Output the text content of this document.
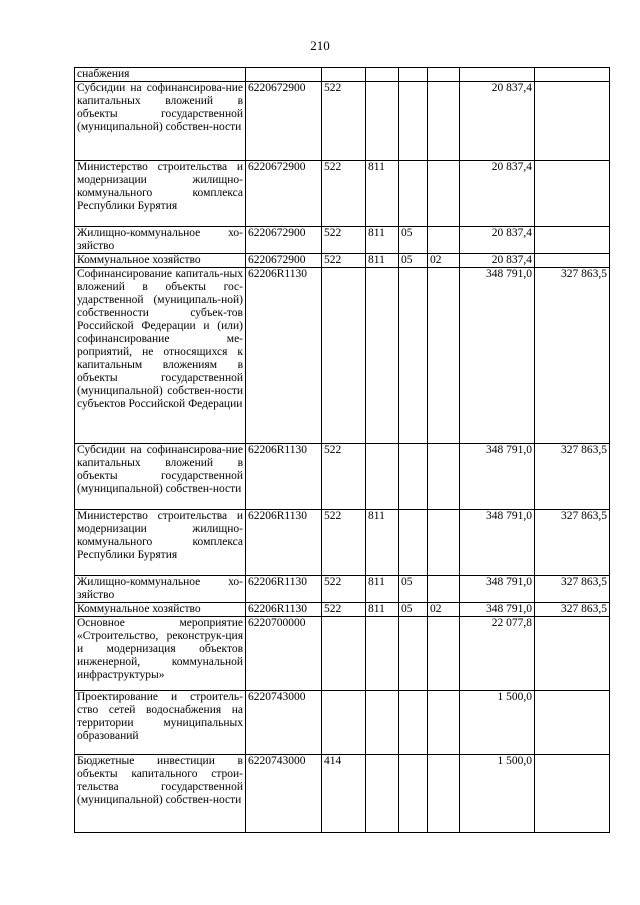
210
снабжения							
Субсидии на софинансирова-ние капитальных вложений в объекты государственной (муниципальной) собствен-ности	6220672900	522				20 837,4	
Министерство строительства и модернизации жилищно-коммунального комплекса Республики Бурятия	6220672900	522	811			20 837,4	
Жилищно-коммунальное хо-зяйство	6220672900	522	811	05		20 837,4	
Коммунальное хозяйство	6220672900	522	811	05	02	20 837,4	
Софинансирование капиталь-ных вложений в объекты гос-ударственной (муниципаль-ной) собственности субъек-тов Российской Федерации и (или) софинансирование ме-роприятий, не относящихся к капитальным вложениям в объекты государственной (муниципальной) собствен-ности субъектов Российской Федерации	62206R1130					348 791,0	327 863,5
Субсидии на софинансирова-ние капитальных вложений в объекты государственной (муниципальной) собствен-ности	62206R1130	522				348 791,0	327 863,5
Министерство строительства и модернизации жилищно-коммунального комплекса Республики Бурятия	62206R1130	522	811			348 791,0	327 863,5
Жилищно-коммунальное хо-зяйство	62206R1130	522	811	05		348 791,0	327 863,5
Коммунальное хозяйство	62206R1130	522	811	05	02	348 791,0	327 863,5
Основное мероприятие «Строительство, реконструк-ция и модернизация объектов инженерной, коммунальной инфраструктуры»	6220700000					22 077,8	
Проектирование и строитель-ство сетей водоснабжения на территории муниципальных образований	6220743000					1 500,0	
Бюджетные инвестиции в объекты капитального строи-тельства государственной (муниципальной) собствен-ности	6220743000	414				1 500,0	
